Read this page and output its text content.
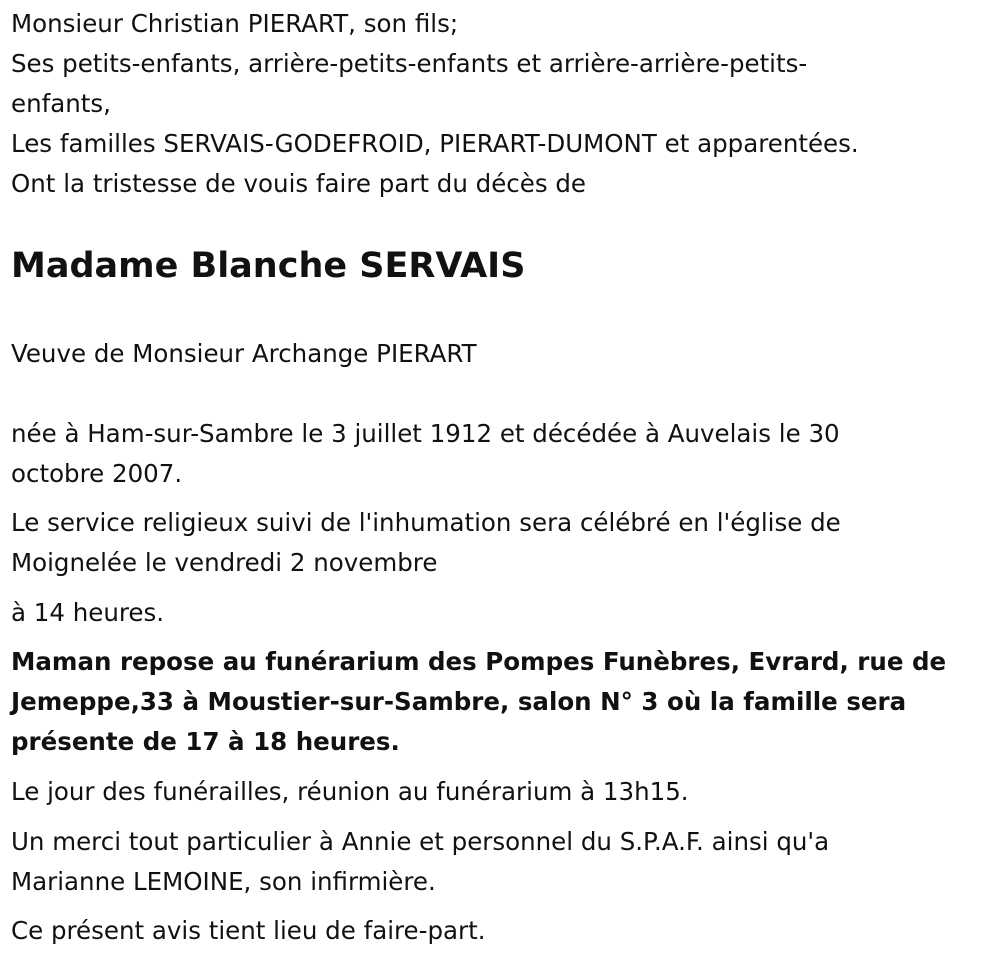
Monsieur Christian PIERART, son fils;

Ses petits-enfants, arrière-petits-enfants et arrière-arrière-petits-

enfants,

Les familles SERVAIS-GODEFROID, PIERART-DUMONT et apparentées.

Ont la tristesse de vouis faire part du décès de

Madame Blanche SERVAIS

Veuve de Monsieur Archange PIERART

née à Ham-sur-Sambre le 3 juillet 1912 et décédée à Auvelais le 30

octobre 2007.

Le service religieux suivi de l'inhumation sera célébré en l'église de

Moignelée le vendredi 2 novembre

à 14 heures.

Maman repose au funérarium des Pompes Funèbres, Evrard, rue de

Jemeppe,33 à Moustier-sur-Sambre, salon N° 3 où la famille sera

présente de 17 à 18 heures.

Le jour des funérailles, réunion au funérarium à 13h15.

Un merci tout particulier à Annie et personnel du S.P.A.F. ainsi qu'a

Marianne LEMOINE, son infirmière.

Ce présent avis tient lieu de faire-part.
